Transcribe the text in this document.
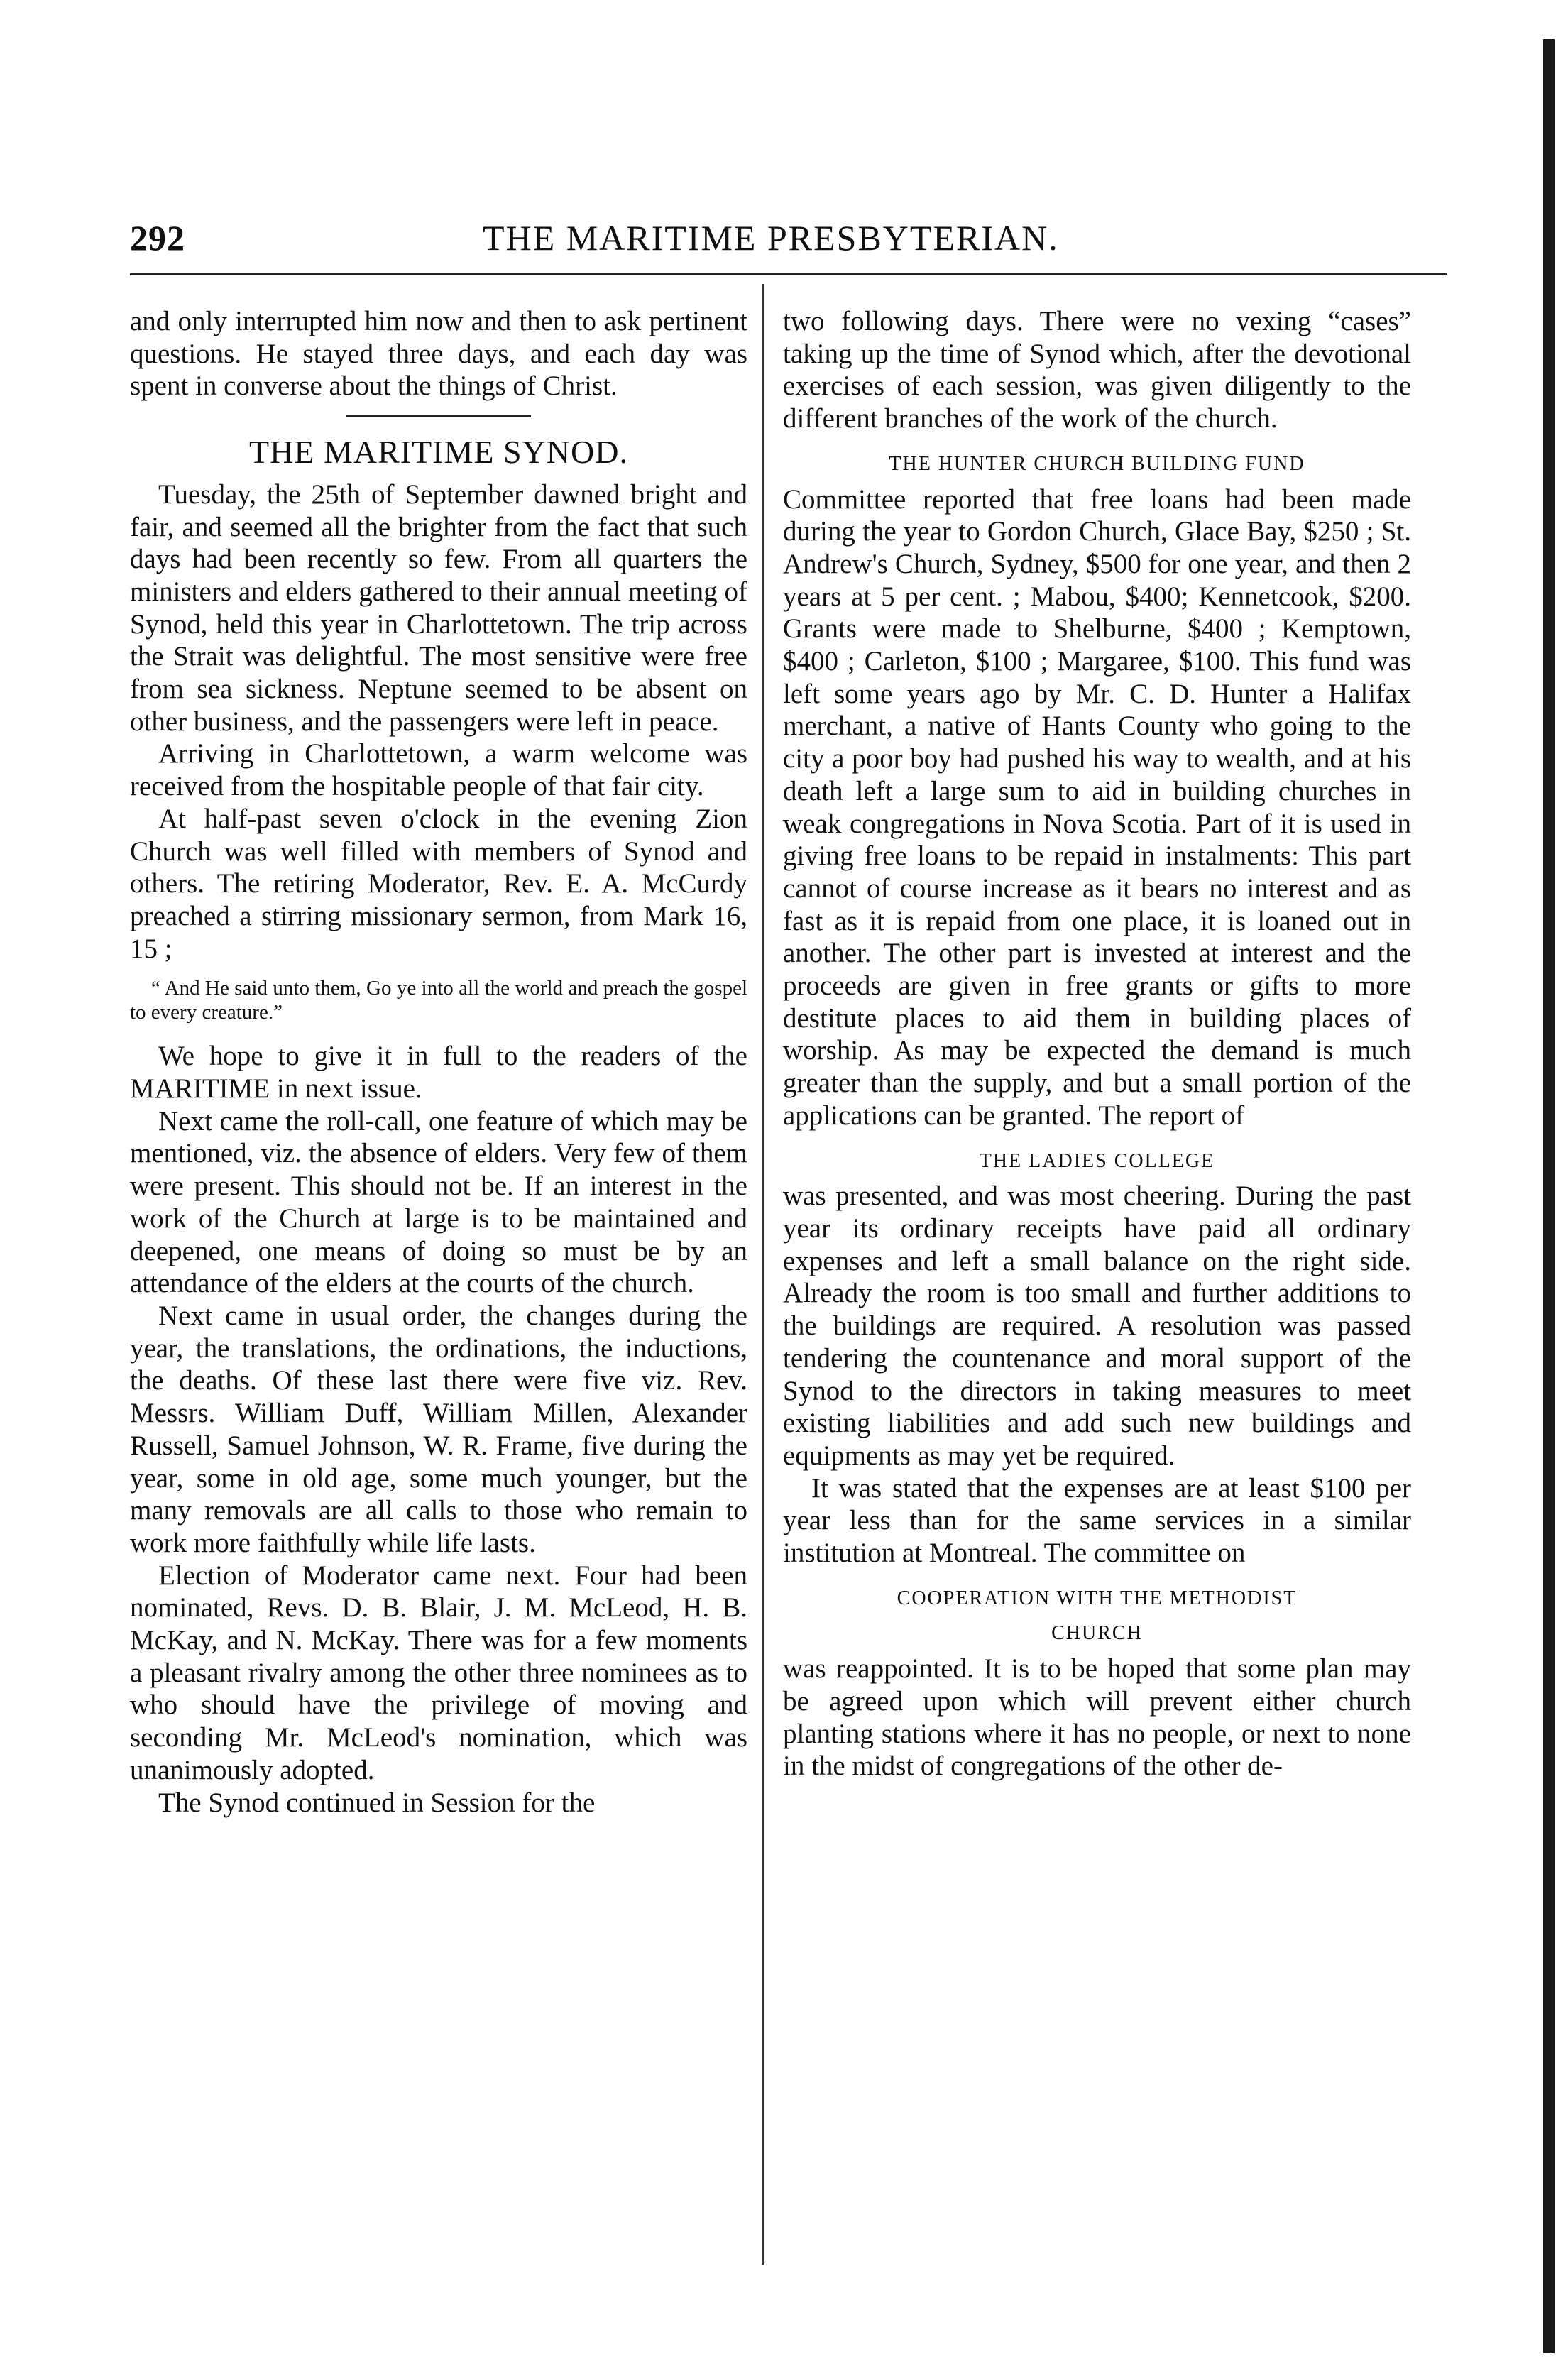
292	THE MARITIME PRESBYTERIAN.

and only interrupted him now and then to ask pertinent questions. He stayed three days, and each day was spent in converse about the things of Christ.

THE MARITIME SYNOD.

Tuesday, the 25th of September dawned bright and fair, and seemed all the brighter from the fact that such days had been recently so few. From all quarters the ministers and elders gathered to their annual meeting of Synod, held this year in Charlottetown. The trip across the Strait was delightful. The most sensitive were free from sea sickness. Neptune seemed to be absent on other business, and the passengers were left in peace.

Arriving in Charlottetown, a warm welcome was received from the hospitable people of that fair city.

At half-past seven o'clock in the evening Zion Church was well filled with members of Synod and others. The retiring Moderator, Rev. E. A. McCurdy preached a stirring missionary sermon, from Mark 16, 15 ;

“ And He said unto them, Go ye into all the world and preach the gospel to every creature.”

We hope to give it in full to the readers of the MARITIME in next issue.

Next came the roll-call, one feature of which may be mentioned, viz. the absence of elders. Very few of them were present. This should not be. If an interest in the work of the Church at large is to be maintained and deepened, one means of doing so must be by an attendance of the elders at the courts of the church.

Next came in usual order, the changes during the year, the translations, the ordinations, the inductions, the deaths. Of these last there were five viz. Rev. Messrs. William Duff, William Millen, Alexander Russell, Samuel Johnson, W. R. Frame, five during the year, some in old age, some much younger, but the many removals are all calls to those who remain to work more faithfully while life lasts.

Election of Moderator came next. Four had been nominated, Revs. D. B. Blair, J. M. McLeod, H. B. McKay, and N. McKay. There was for a few moments a pleasant rivalry among the other three nominees as to who should have the privilege of moving and seconding Mr. McLeod's nomination, which was unanimously adopted.

The Synod continued in Session for the

two following days. There were no vexing “cases” taking up the time of Synod which, after the devotional exercises of each session, was given diligently to the different branches of the work of the church.

THE HUNTER CHURCH BUILDING FUND

Committee reported that free loans had been made during the year to Gordon Church, Glace Bay, $250 ; St. Andrew's Church, Sydney, $500 for one year, and then 2 years at 5 per cent. ; Mabou, $400; Kennetcook, $200. Grants were made to Shelburne, $400 ; Kemptown, $400 ; Carleton, $100 ; Margaree, $100. This fund was left some years ago by Mr. C. D. Hunter a Halifax merchant, a native of Hants County who going to the city a poor boy had pushed his way to wealth, and at his death left a large sum to aid in building churches in weak congregations in Nova Scotia. Part of it is used in giving free loans to be repaid in instalments: This part cannot of course increase as it bears no interest and as fast as it is repaid from one place, it is loaned out in another. The other part is invested at interest and the proceeds are given in free grants or gifts to more destitute places to aid them in building places of worship. As may be expected the demand is much greater than the supply, and but a small portion of the applications can be granted. The report of

THE LADIES COLLEGE

was presented, and was most cheering. During the past year its ordinary receipts have paid all ordinary expenses and left a small balance on the right side. Already the room is too small and further additions to the buildings are required. A resolution was passed tendering the countenance and moral support of the Synod to the directors in taking measures to meet existing liabilities and add such new buildings and equipments as may yet be required.

It was stated that the expenses are at least $100 per year less than for the same services in a similar institution at Montreal. The committee on

COOPERATION WITH THE METHODIST
CHURCH

was reappointed. It is to be hoped that some plan may be agreed upon which will prevent either church planting stations where it has no people, or next to none in the midst of congregations of the other de-
